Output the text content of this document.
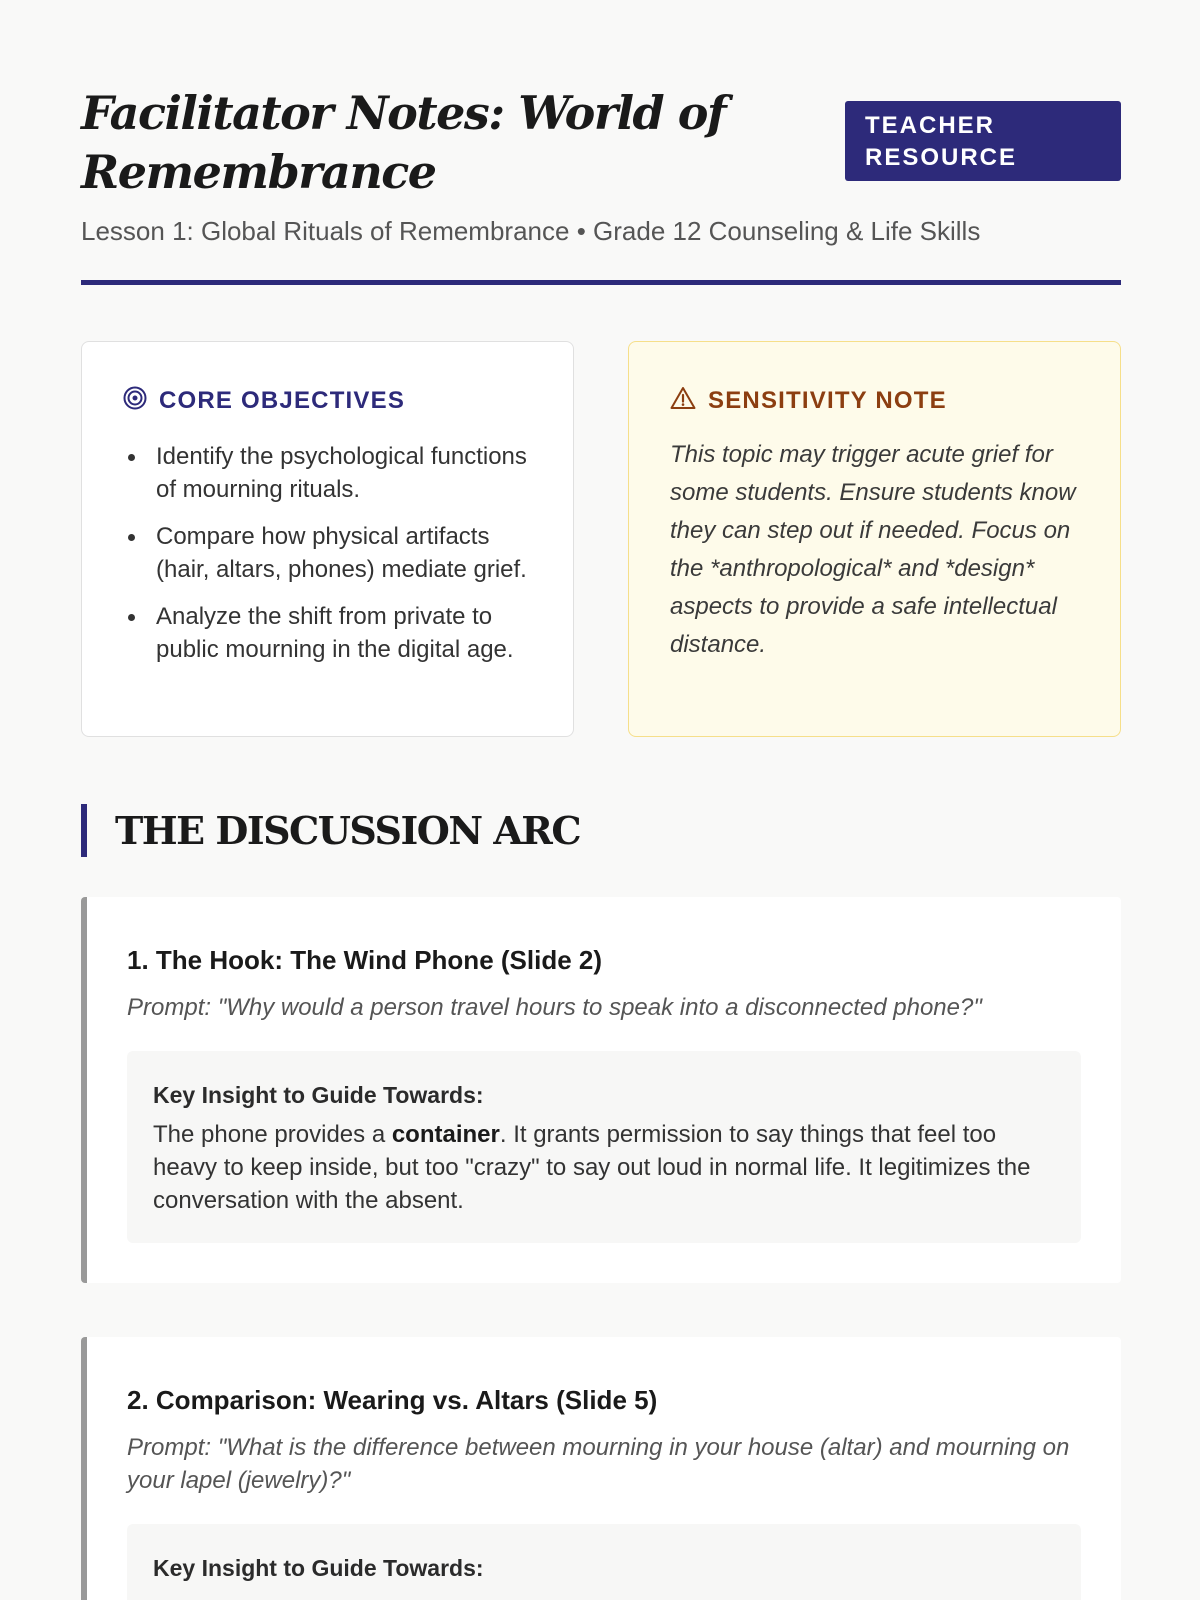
Facilitator Notes: World of Remembrance
TEACHER RESOURCE
Lesson 1: Global Rituals of Remembrance • Grade 12 Counseling & Life Skills
CORE OBJECTIVES
Identify the psychological functions of mourning rituals.
Compare how physical artifacts (hair, altars, phones) mediate grief.
Analyze the shift from private to public mourning in the digital age.
SENSITIVITY NOTE

This topic may trigger acute grief for some students. Ensure students know they can step out if needed. Focus on the *anthropological* and *design* aspects to provide a safe intellectual distance.

THE DISCUSSION ARC
1. The Hook: The Wind Phone (Slide 2)

Prompt: "Why would a person travel hours to speak into a disconnected phone?"

Key Insight to Guide Towards:

The phone provides a container. It grants permission to say things that feel too heavy to keep inside, but too "crazy" to say out loud in normal life. It legitimizes the conversation with the absent.

2. Comparison: Wearing vs. Altars (Slide 5)

Prompt: "What is the difference between mourning in your house (altar) and mourning on your lapel (jewelry)?"

Key Insight to Guide Towards:
